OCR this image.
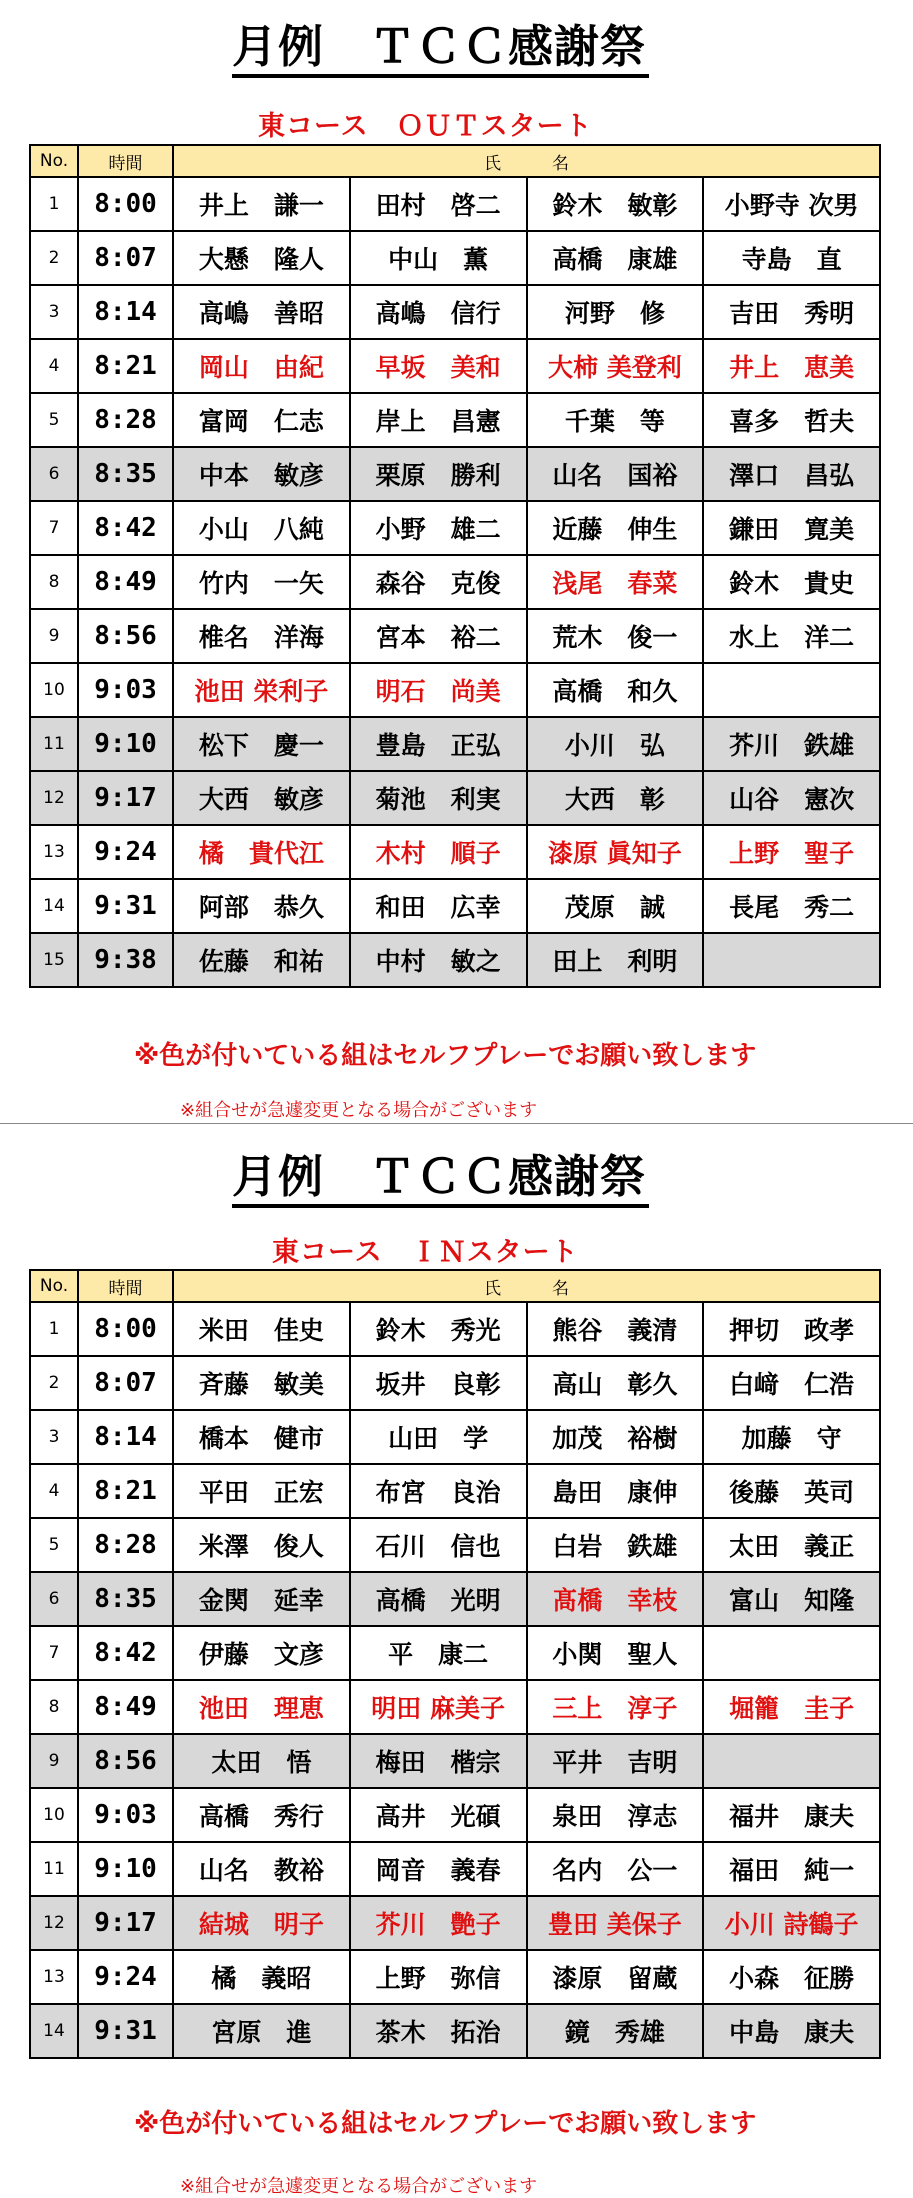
月例　ＴＣＣ感謝祭
東コース　ＯＵＴスタート
No.	時間	氏　　　名			
1	8:00	井上　謙一	田村　啓二	鈴木　敏彰	小野寺 次男
2	8:07	大懸　隆人	中山　薫	高橋　康雄	寺島　直
3	8:14	高嶋　善昭	高嶋　信行	河野　修	吉田　秀明
4	8:21	岡山　由紀	早坂　美和	大柿 美登利	井上　恵美
5	8:28	富岡　仁志	岸上　昌憲	千葉　等	喜多　哲夫
6	8:35	中本　敏彦	栗原　勝利	山名　国裕	澤口　昌弘
7	8:42	小山　八純	小野　雄二	近藤　伸生	鎌田　寛美
8	8:49	竹内　一矢	森谷　克俊	浅尾　春菜	鈴木　貴史
9	8:56	椎名　洋海	宮本　裕二	荒木　俊一	水上　洋二
10	9:03	池田 栄利子	明石　尚美	高橋　和久	
11	9:10	松下　慶一	豊島　正弘	小川　弘	芥川　鉄雄
12	9:17	大西　敏彦	菊池　利実	大西　彰	山谷　憲次
13	9:24	橘　貴代江	木村　順子	漆原 眞知子	上野　聖子
14	9:31	阿部　恭久	和田　広幸	茂原　誠	長尾　秀二
15	9:38	佐藤　和祐	中村　敏之	田上　利明	
※色が付いている組はセルフプレーでお願い致します
※組合せが急遽変更となる場合がございます
月例　ＴＣＣ感謝祭
東コース　ＩＮスタート
No.	時間	氏　　　名			
1	8:00	米田　佳史	鈴木　秀光	熊谷　義清	押切　政孝
2	8:07	斉藤　敏美	坂井　良彰	高山　彰久	白﨑　仁浩
3	8:14	橋本　健市	山田　学	加茂　裕樹	加藤　守
4	8:21	平田　正宏	布宮　良治	島田　康伸	後藤　英司
5	8:28	米澤　俊人	石川　信也	白岩　鉄雄	太田　義正
6	8:35	金関　延幸	高橋　光明	髙橋　幸枝	富山　知隆
7	8:42	伊藤　文彦	平　康二	小関　聖人	
8	8:49	池田　理恵	明田 麻美子	三上　淳子	堀籠　圭子
9	8:56	太田　悟	梅田　楷宗	平井　吉明	
10	9:03	高橋　秀行	高井　光碩	泉田　淳志	福井　康夫
11	9:10	山名　教裕	岡音　義春	名内　公一	福田　純一
12	9:17	結城　明子	芥川　艶子	豊田 美保子	小川 詩鶴子
13	9:24	橘　義昭	上野　弥信	漆原　留蔵	小森　征勝
14	9:31	宮原　進	茶木　拓治	鏡　秀雄	中島　康夫
※色が付いている組はセルフプレーでお願い致します
※組合せが急遽変更となる場合がございます
